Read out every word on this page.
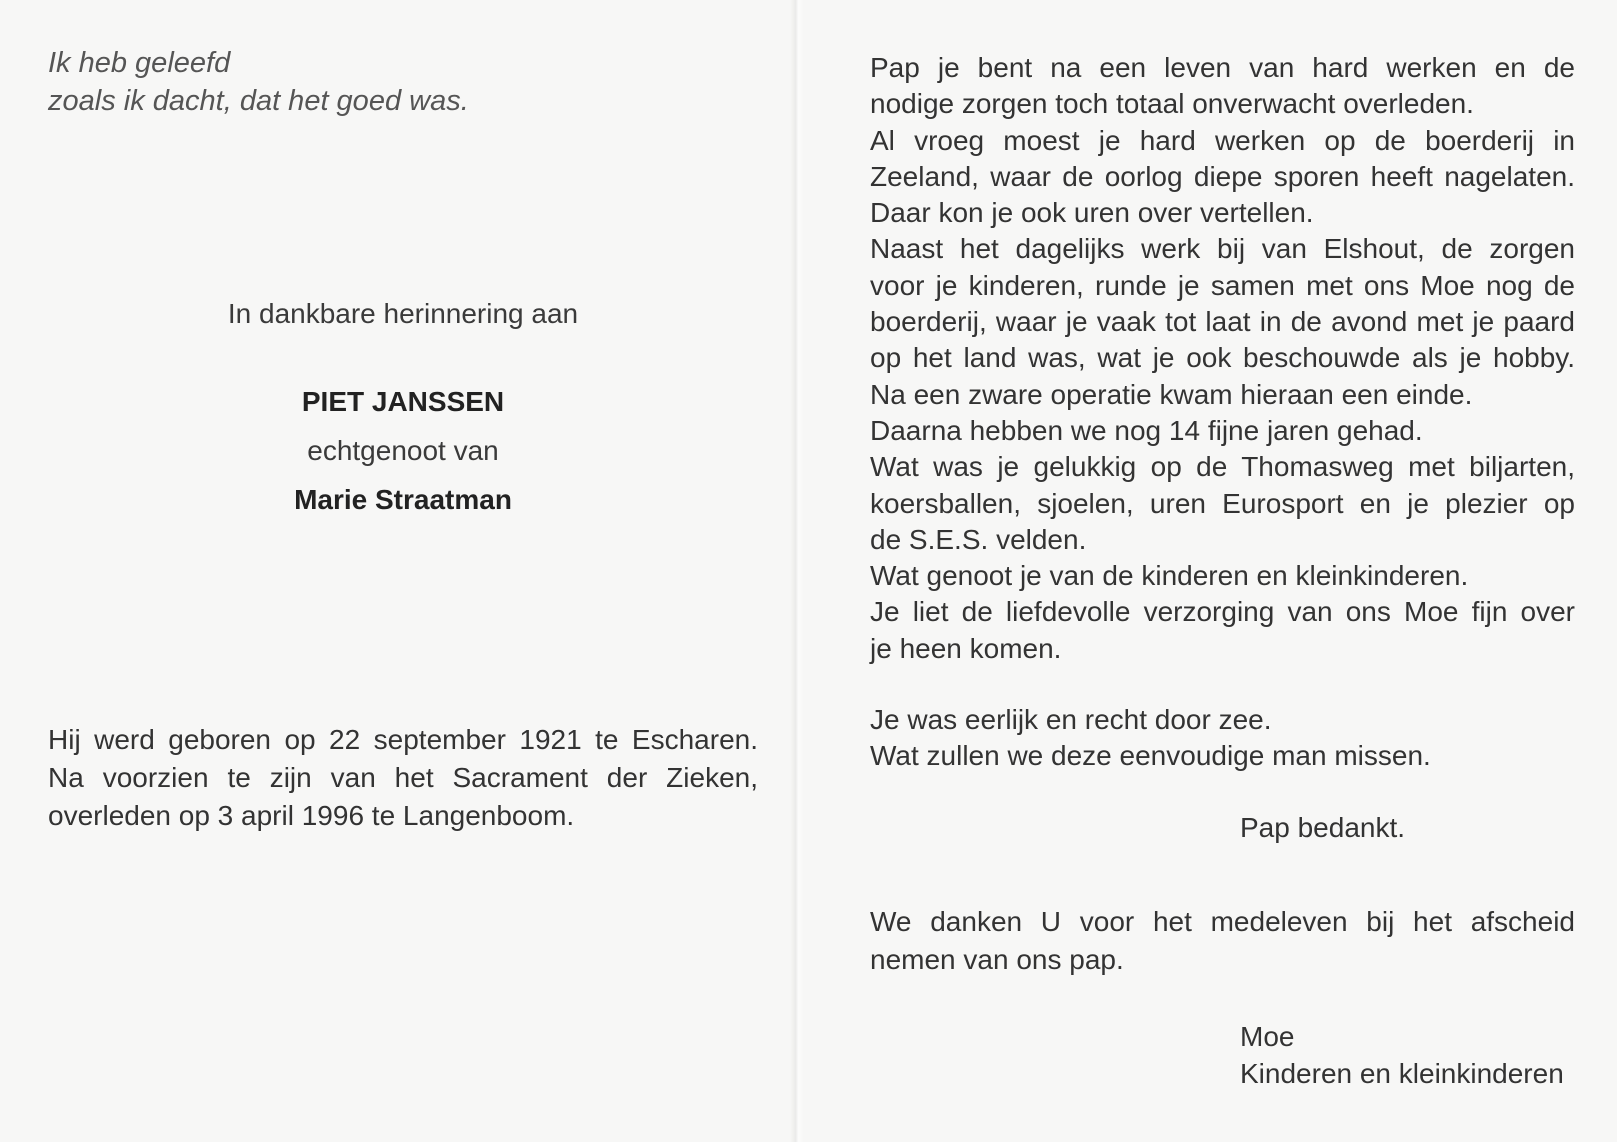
Ik heb geleefd
zoals ik dacht, dat het goed was.
In dankbare herinnering aan
PIET JANSSEN
echtgenoot van
Marie Straatman
Hij werd geboren op 22 september 1921 te Escharen.
Na voorzien te zijn van het Sacrament der Zieken,
overleden op 3 april 1996 te Langenboom.
Pap je bent na een leven van hard werken en de
nodige zorgen toch totaal onverwacht overleden.
Al vroeg moest je hard werken op de boerderij in
Zeeland, waar de oorlog diepe sporen heeft nagelaten.
Daar kon je ook uren over vertellen.
Naast het dagelijks werk bij van Elshout, de zorgen
voor je kinderen, runde je samen met ons Moe nog de
boerderij, waar je vaak tot laat in de avond met je paard
op het land was, wat je ook beschouwde als je hobby.
Na een zware operatie kwam hieraan een einde.
Daarna hebben we nog 14 fijne jaren gehad.
Wat was je gelukkig op de Thomasweg met biljarten,
koersballen, sjoelen, uren Eurosport en je plezier op
de S.E.S. velden.
Wat genoot je van de kinderen en kleinkinderen.
Je liet de liefdevolle verzorging van ons Moe fijn over
je heen komen.
Je was eerlijk en recht door zee.
Wat zullen we deze eenvoudige man missen.
Pap bedankt.
We danken U voor het medeleven bij het afscheid
nemen van ons pap.
Moe
Kinderen en kleinkinderen
